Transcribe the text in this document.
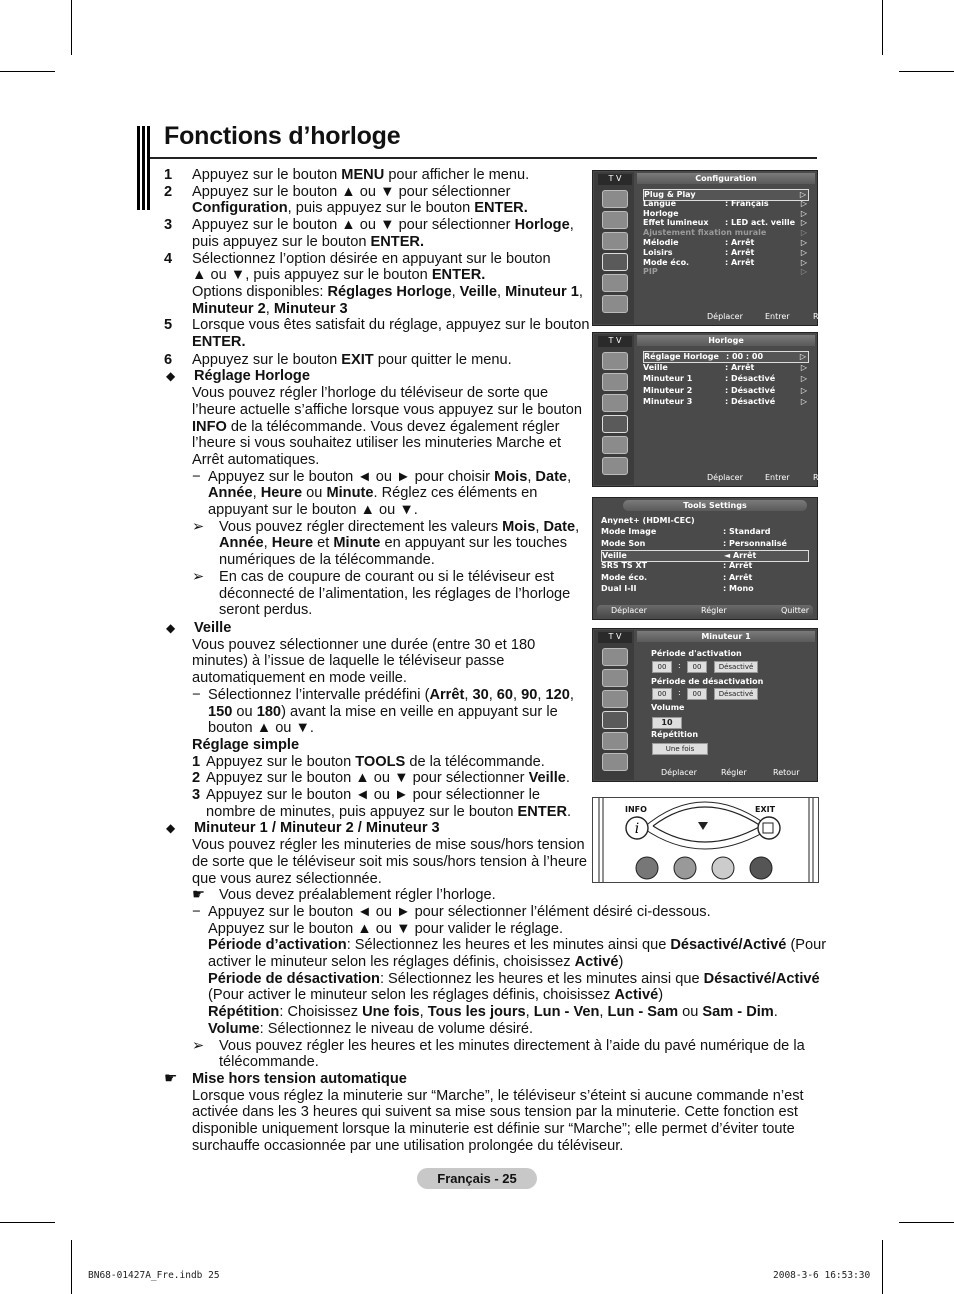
Fonctions d’horloge
1	Appuyez sur le bouton MENU pour afficher le menu.
2	Appuyez sur le bouton ▲ ou ▼ pour sélectionner
Configuration, puis appuyez sur le bouton ENTER.
3	Appuyez sur le bouton ▲ ou ▼ pour sélectionner Horloge,
puis appuyez sur le bouton ENTER.
4	Sélectionnez l’option désirée en appuyant sur le bouton
▲ ou ▼, puis appuyez sur le bouton ENTER.
Options disponibles: Réglages Horloge, Veille, Minuteur 1,
Minuteur 2, Minuteur 3
5	Lorsque vous êtes satisfait du réglage, appuyez sur le bouton
ENTER.
6	Appuyez sur le bouton EXIT pour quitter le menu.
◆	Réglage Horloge
Vous pouvez régler l’horloge du téléviseur de sorte que l’heure actuelle s’affiche lorsque vous appuyez sur le bouton INFO de la télécommande. Vous devez également régler l’heure si vous souhaitez utiliser les minuteries Marche et Arrêt automatiques.
− Appuyez sur le bouton ◄ ou ► pour choisir Mois, Date, Année, Heure ou Minute. Réglez ces éléments en appuyant sur le bouton ▲ ou ▼.
➢	Vous pouvez régler directement les valeurs Mois, Date, Année, Heure et Minute en appuyant sur les touches numériques de la télécommande.
➢	En cas de coupure de courant ou si le téléviseur est déconnecté de l’alimentation, les réglages de l’horloge seront perdus.
◆	Veille
Vous pouvez sélectionner une durée (entre 30 et 180 minutes) à l’issue de laquelle le téléviseur passe automatiquement en mode veille.
− Sélectionnez l’intervalle prédéfini (Arrêt, 30, 60, 90, 120, 150 ou 180) avant la mise en veille en appuyant sur le bouton ▲ ou ▼.
Réglage simple
1 Appuyez sur le bouton TOOLS de la télécommande.
2 Appuyez sur le bouton ▲ ou ▼ pour sélectionner Veille.
3 Appuyez sur le bouton ◄ ou ► pour sélectionner le nombre de minutes, puis appuyez sur le bouton ENTER.
◆	Minuteur 1 / Minuteur 2 / Minuteur 3
Vous pouvez régler les minuteries de mise sous/hors tension de sorte que le téléviseur soit mis sous/hors tension à l’heure que vous aurez sélectionnée.
☛ Vous devez préalablement régler l’horloge.
− Appuyez sur le bouton ◄ ou ► pour sélectionner l’élément désiré ci-dessous.
Appuyez sur le bouton ▲ ou ▼ pour valider le réglage.
Période d’activation: Sélectionnez les heures et les minutes ainsi que Désactivé/Activé (Pour activer le minuteur selon les réglages définis, choisissez Activé)
Période de désactivation: Sélectionnez les heures et les minutes ainsi que Désactivé/Activé (Pour activer le minuteur selon les réglages définis, choisissez Activé)
Répétition: Choisissez Une fois, Tous les jours, Lun - Ven, Lun - Sam ou Sam - Dim.
Volume: Sélectionnez le niveau de volume désiré.
➢	Vous pouvez régler les heures et les minutes directement à l’aide du pavé numérique de la télécommande.
☛ Mise hors tension automatique
Lorsque vous réglez la minuterie sur “Marche”, le téléviseur s’éteint si aucune commande n’est activée dans les 3 heures qui suivent sa mise sous tension par la minuterie. Cette fonction est disponible uniquement lorsque la minuterie est définie sur “Marche”; elle permet d’éviter toute surchauffe occasionnée par une utilisation prolongée du téléviseur.
T V	Configuration
Plug & Play	▷
Langue	: Français	▷
Horloge	▷
Effet lumineux : LED act. veille ▷
Ajustement fixation murale	▷
Mélodie	: Arrêt	▷
Loisirs	: Arrêt	▷
Mode éco.	: Arrêt	▷
PIP	▷
Déplacer	Entrer	Retour
T V	Horloge
Réglage Horloge : 00 : 00	▷
Veille	: Arrêt	▷
Minuteur 1	: Désactivé	▷
Minuteur 2	: Désactivé	▷
Minuteur 3	: Désactivé	▷
Déplacer	Entrer	Retour
Tools Settings
Anynet+ (HDMI-CEC)
Mode Image	: Standard
Mode Son	: Personnalisé
Veille	◄ Arrêt
SRS TS XT	: Arrêt
Mode éco.	: Arrêt
Dual I-II	: Mono
Déplacer	Régler	Quitter
T V	Minuteur 1
Période d'activation
00	:	00	Désactivé
Période de désactivation
00	:	00	Désactivé
Volume
10
Répétition
Une fois
Déplacer	Régler	Retour
i
INFO	EXIT
Français - 25
BN68-01427A_Fre.indb 25	2008-3-6 16:53:30
